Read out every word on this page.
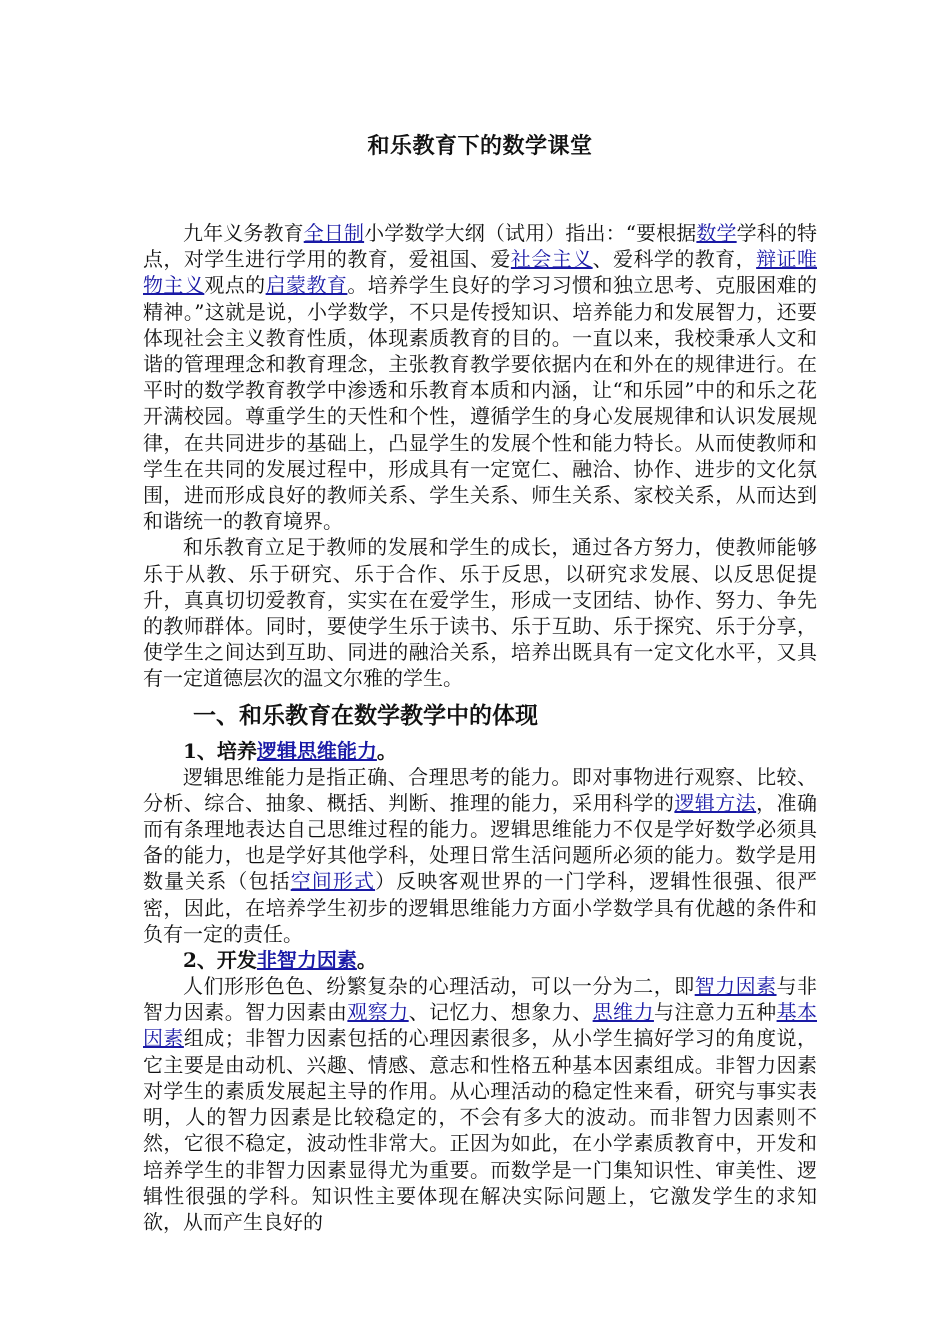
和乐教育下的数学课堂

九年义务教育全日制小学数学大纲（试用）指出：“要根据数学学科的特点，对学生进行学用的教育，爱祖国、爱社会主义、爱科学的教育，辩证唯物主义观点的启蒙教育。培养学生良好的学习习惯和独立思考、克服困难的精神。”这就是说，小学数学，不只是传授知识、培养能力和发展智力，还要体现社会主义教育性质，体现素质教育的目的。一直以来，我校秉承人文和谐的管理理念和教育理念，主张教育教学要依据内在和外在的规律进行。在平时的数学教育教学中渗透和乐教育本质和内涵，让“和乐园”中的和乐之花开满校园。尊重学生的天性和个性，遵循学生的身心发展规律和认识发展规律，在共同进步的基础上，凸显学生的发展个性和能力特长。从而使教师和学生在共同的发展过程中，形成具有一定宽仁、融洽、协作、进步的文化氛围，进而形成良好的教师关系、学生关系、师生关系、家校关系，从而达到和谐统一的教育境界。

和乐教育立足于教师的发展和学生的成长，通过各方努力，使教师能够乐于从教、乐于研究、乐于合作、乐于反思，以研究求发展、以反思促提升，真真切切爱教育，实实在在爱学生，形成一支团结、协作、努力、争先的教师群体。同时，要使学生乐于读书、乐于互助、乐于探究、乐于分享，使学生之间达到互助、同进的融洽关系，培养出既具有一定文化水平，又具有一定道德层次的温文尔雅的学生。

一、和乐教育在数学教学中的体现
1、培养逻辑思维能力。

逻辑思维能力是指正确、合理思考的能力。即对事物进行观察、比较、分析、综合、抽象、概括、判断、推理的能力，采用科学的逻辑方法，准确而有条理地表达自己思维过程的能力。逻辑思维能力不仅是学好数学必须具备的能力，也是学好其他学科，处理日常生活问题所必须的能力。数学是用数量关系（包括空间形式）反映客观世界的一门学科，逻辑性很强、很严密，因此，在培养学生初步的逻辑思维能力方面小学数学具有优越的条件和负有一定的责任。

2、开发非智力因素。

人们形形色色、纷繁复杂的心理活动，可以一分为二，即智力因素与非智力因素。智力因素由观察力、记忆力、想象力、思维力与注意力五种基本因素组成；非智力因素包括的心理因素很多，从小学生搞好学习的角度说，它主要是由动机、兴趣、情感、意志和性格五种基本因素组成。非智力因素对学生的素质发展起主导的作用。从心理活动的稳定性来看，研究与事实表明，人的智力因素是比较稳定的，不会有多大的波动。而非智力因素则不然，它很不稳定，波动性非常大。正因为如此，在小学素质教育中，开发和培养学生的非智力因素显得尤为重要。而数学是一门集知识性、审美性、逻辑性很强的学科。知识性主要体现在解决实际问题上，它激发学生的求知欲，从而产生良好的
